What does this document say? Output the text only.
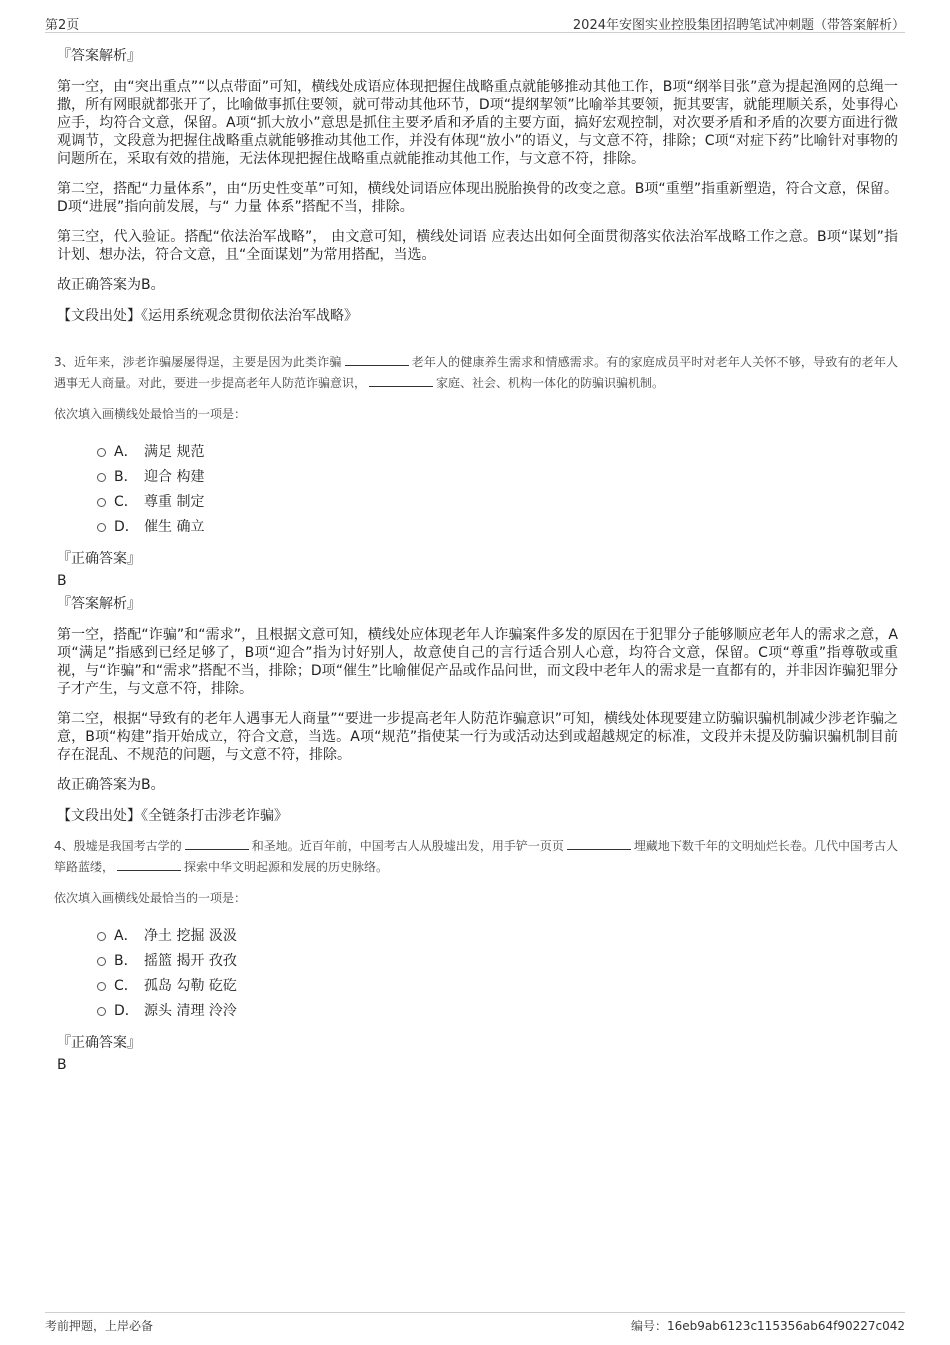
第2页	2024年安图实业控股集团招聘笔试冲刺题（带答案解析）
『答案解析』

第一空，由“突出重点”“以点带面”可知，横线处成语应体现把握住战略重点就能够推动其他工作，B项“纲举目张”意为提起渔网的总绳一撒，所有网眼就都张开了，比喻做事抓住要领，就可带动其他环节，D项“提纲挈领”比喻举其要领，扼其要害，就能理顺关系，处事得心应手，均符合文意，保留。A项“抓大放小”意思是抓住主要矛盾和矛盾的主要方面，搞好宏观控制，对次要矛盾和矛盾的次要方面进行微观调节，文段意为把握住战略重点就能够推动其他工作，并没有体现“放小”的语义，与文意不符，排除；C项“对症下药”比喻针对事物的问题所在，采取有效的措施，无法体现把握住战略重点就能推动其他工作，与文意不符，排除。

第二空，搭配“力量体系”，由“历史性变革”可知，横线处词语应体现出脱胎换骨的改变之意。B项“重塑”指重新塑造，符合文意，保留。D项“进展”指向前发展，与“ 力量 体系”搭配不当，排除。

第三空，代入验证。搭配“依法治军战略”， 由文意可知，横线处词语 应表达出如何全面贯彻落实依法治军战略工作之意。B项“谋划”指计划、想办法，符合文意，且“全面谋划”为常用搭配，当选。

故正确答案为B。

【文段出处】《运用系统观念贯彻依法治军战略》
3、近年来，涉老诈骗屡屡得逞，主要是因为此类诈骗	老年人的健康养生需求和情感需求。有的家庭成员平时对老年人关怀不够，导致有的老年人遇事无人商量。对此，要进一步提高老年人防范诈骗意识，	家庭、社会、机构一体化的防骗识骗机制。
依次填入画横线处最恰当的一项是：
A． 满足 规范
B． 迎合 构建
C． 尊重 制定
D． 催生 确立
『正确答案』
B
『答案解析』

第一空，搭配“诈骗”和“需求”，且根据文意可知，横线处应体现老年人诈骗案件多发的原因在于犯罪分子能够顺应老年人的需求之意，A项“满足”指感到已经足够了，B项“迎合”指为讨好别人，故意使自己的言行适合别人心意，均符合文意，保留。C项“尊重”指尊敬或重视，与“诈骗”和“需求”搭配不当，排除；D项“催生”比喻催促产品或作品问世，而文段中老年人的需求是一直都有的，并非因诈骗犯罪分子才产生，与文意不符，排除。

第二空，根据“导致有的老年人遇事无人商量”“要进一步提高老年人防范诈骗意识”可知，横线处体现要建立防骗识骗机制减少涉老诈骗之意，B项“构建”指开始成立，符合文意，当选。A项“规范”指使某一行为或活动达到或超越规定的标准，文段并未提及防骗识骗机制目前存在混乱、不规范的问题，与文意不符，排除。

故正确答案为B。

【文段出处】《全链条打击涉老诈骗》
4、殷墟是我国考古学的	和圣地。近百年前，中国考古人从殷墟出发，用手铲一页页	埋藏地下数千年的文明灿烂长卷。几代中国考古人筚路蓝缕，	探索中华文明起源和发展的历史脉络。
依次填入画横线处最恰当的一项是：
A． 净土 挖掘 汲汲
B． 摇篮 揭开 孜孜
C． 孤岛 勾勒 矻矻
D． 源头 清理 泠泠
『正确答案』
B
考前押题，上岸必备	编号：16eb9ab6123c115356ab64f90227c042
